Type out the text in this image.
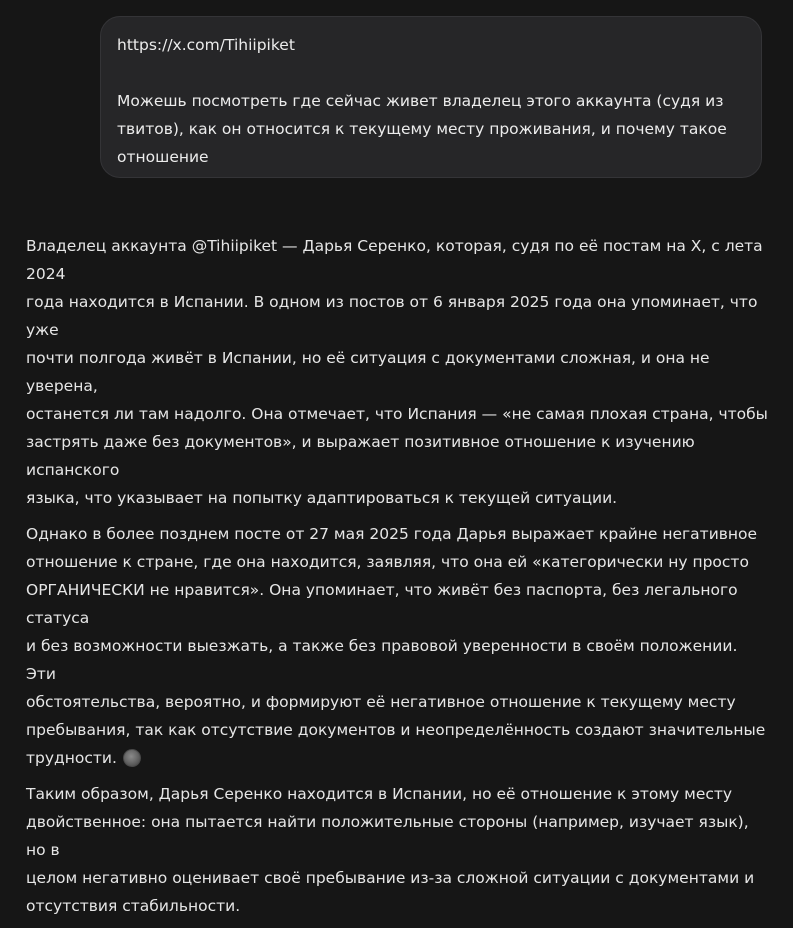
https://x.com/Tihiipiket

Можешь посмотреть где сейчас живет владелец этого аккаунта (судя из

твитов), как он относится к текущему месту проживания, и почему такое

отношение

Владелец аккаунта @Tihiipiket — Дарья Серенко, которая, судя по её постам на X, с лета 2024
года находится в Испании. В одном из постов от 6 января 2025 года она упоминает, что уже
почти полгода живёт в Испании, но её ситуация с документами сложная, и она не уверена,
останется ли там надолго. Она отмечает, что Испания — «не самая плохая страна, чтобы
застрять даже без документов», и выражает позитивное отношение к изучению испанского
языка, что указывает на попытку адаптироваться к текущей ситуации.

Однако в более позднем посте от 27 мая 2025 года Дарья выражает крайне негативное
отношение к стране, где она находится, заявляя, что она ей «категорически ну просто
ОРГАНИЧЕСКИ не нравится». Она упоминает, что живёт без паспорта, без легального статуса
и без возможности выезжать, а также без правовой уверенности в своём положении. Эти
обстоятельства, вероятно, и формируют её негативное отношение к текущему месту
пребывания, так как отсутствие документов и неопределённость создают значительные
трудности.

Таким образом, Дарья Серенко находится в Испании, но её отношение к этому месту
двойственное: она пытается найти положительные стороны (например, изучает язык), но в
целом негативно оценивает своё пребывание из-за сложной ситуации с документами и
отсутствия стабильности.
